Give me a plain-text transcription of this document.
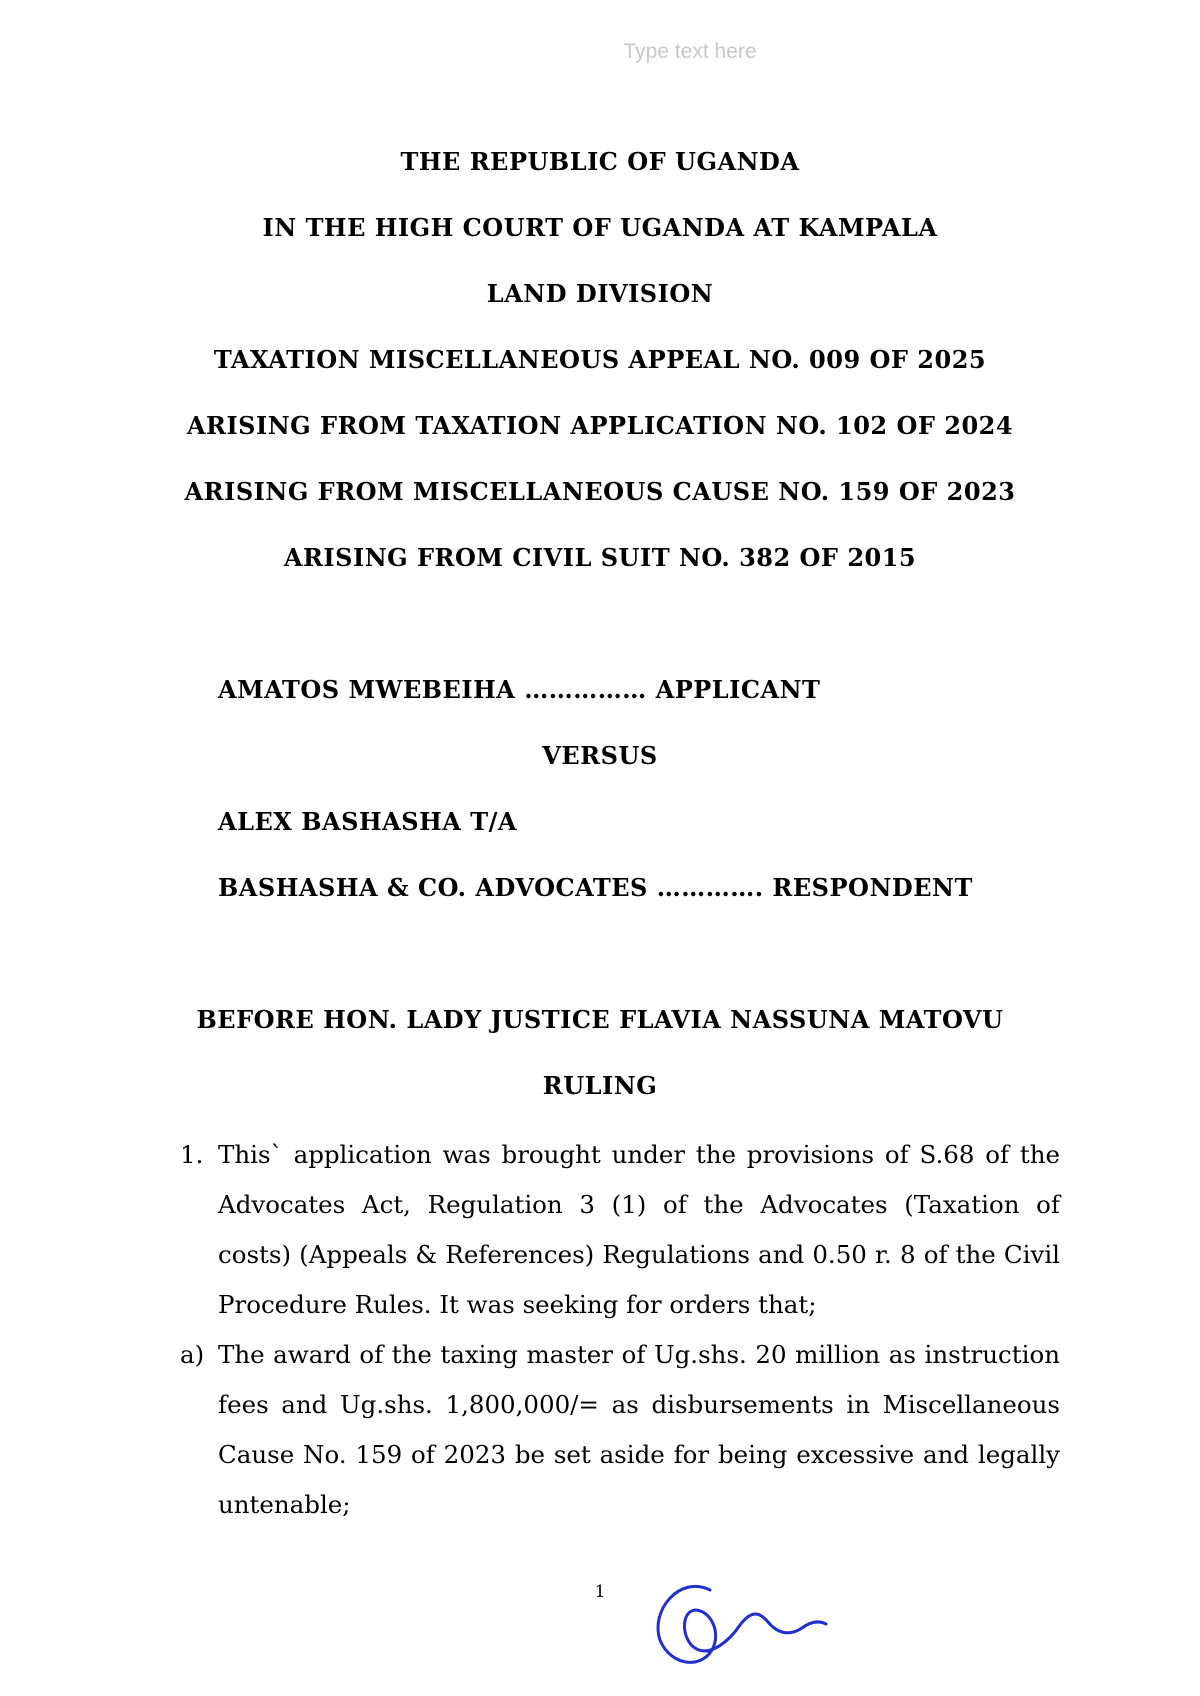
Type text here
THE REPUBLIC OF UGANDA
IN THE HIGH COURT OF UGANDA AT KAMPALA
LAND DIVISION
TAXATION MISCELLANEOUS APPEAL NO. 009 OF 2025
ARISING FROM TAXATION APPLICATION NO. 102 OF 2024
ARISING FROM MISCELLANEOUS CAUSE NO. 159 OF 2023
ARISING FROM CIVIL SUIT NO. 382 OF 2015
AMATOS MWEBEIHA …………… APPLICANT
VERSUS
ALEX BASHASHA T/A
BASHASHA & CO. ADVOCATES …………. RESPONDENT
BEFORE HON. LADY JUSTICE FLAVIA NASSUNA MATOVU
RULING
1. This` application was brought under the provisions of S.68 of the Advocates Act, Regulation 3 (1) of the Advocates (Taxation of costs) (Appeals & References) Regulations and 0.50 r. 8 of the Civil Procedure Rules. It was seeking for orders that;
a) The award of the taxing master of Ug.shs. 20 million as instruction fees and Ug.shs. 1,800,000/= as disbursements in Miscellaneous Cause No. 159 of 2023 be set aside for being excessive and legally untenable;
1
